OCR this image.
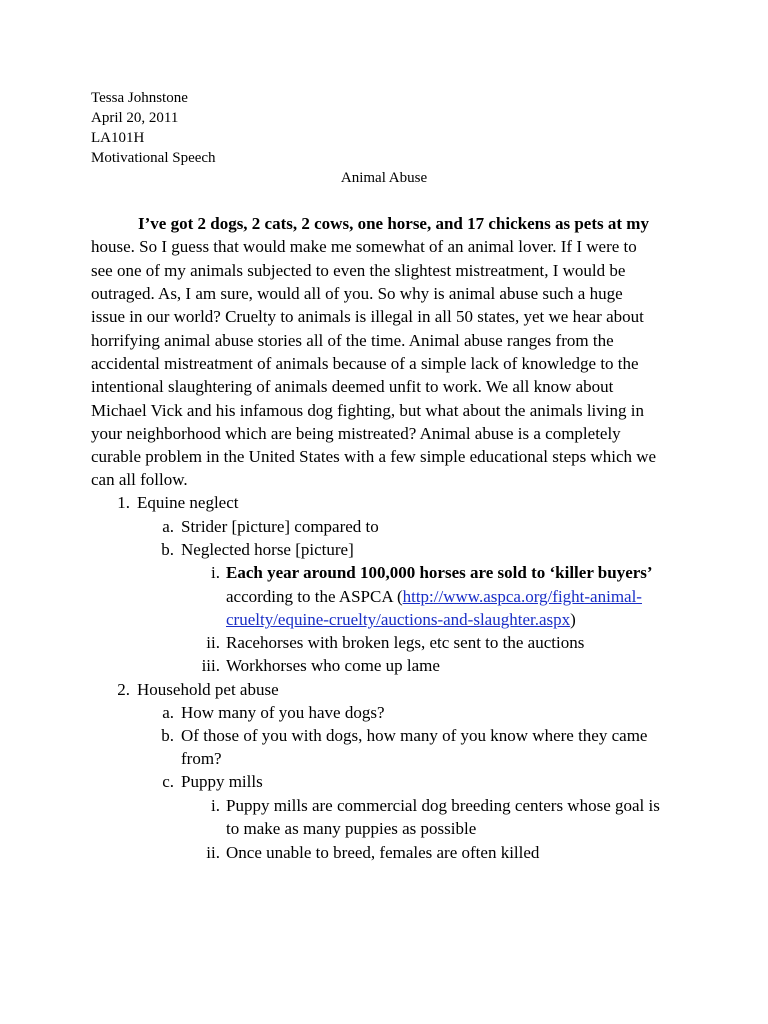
Tessa Johnstone
April 20, 2011
LA101H
Motivational Speech
Animal Abuse
I’ve got 2 dogs, 2 cats, 2 cows, one horse, and 17 chickens as pets at my
house. So I guess that would make me somewhat of an animal lover. If I were to
see one of my animals subjected to even the slightest mistreatment, I would be
outraged. As, I am sure, would all of you. So why is animal abuse such a huge
issue in our world? Cruelty to animals is illegal in all 50 states, yet we hear about
horrifying animal abuse stories all of the time. Animal abuse ranges from the
accidental mistreatment of animals because of a simple lack of knowledge to the
intentional slaughtering of animals deemed unfit to work. We all know about
Michael Vick and his infamous dog fighting, but what about the animals living in
your neighborhood which are being mistreated? Animal abuse is a completely
curable problem in the United States with a few simple educational steps which we
can all follow.
1. Equine neglect
a. Strider [picture] compared to
b. Neglected horse [picture]
i. Each year around 100,000 horses are sold to ‘killer buyers’
according to the ASPCA (http://www.aspca.org/fight-animal-
cruelty/equine-cruelty/auctions-and-slaughter.aspx)
ii. Racehorses with broken legs, etc sent to the auctions
iii. Workhorses who come up lame
2. Household pet abuse
a. How many of you have dogs?
b. Of those of you with dogs, how many of you know where they came
from?
c. Puppy mills
i. Puppy mills are commercial dog breeding centers whose goal is
to make as many puppies as possible
ii. Once unable to breed, females are often killed
